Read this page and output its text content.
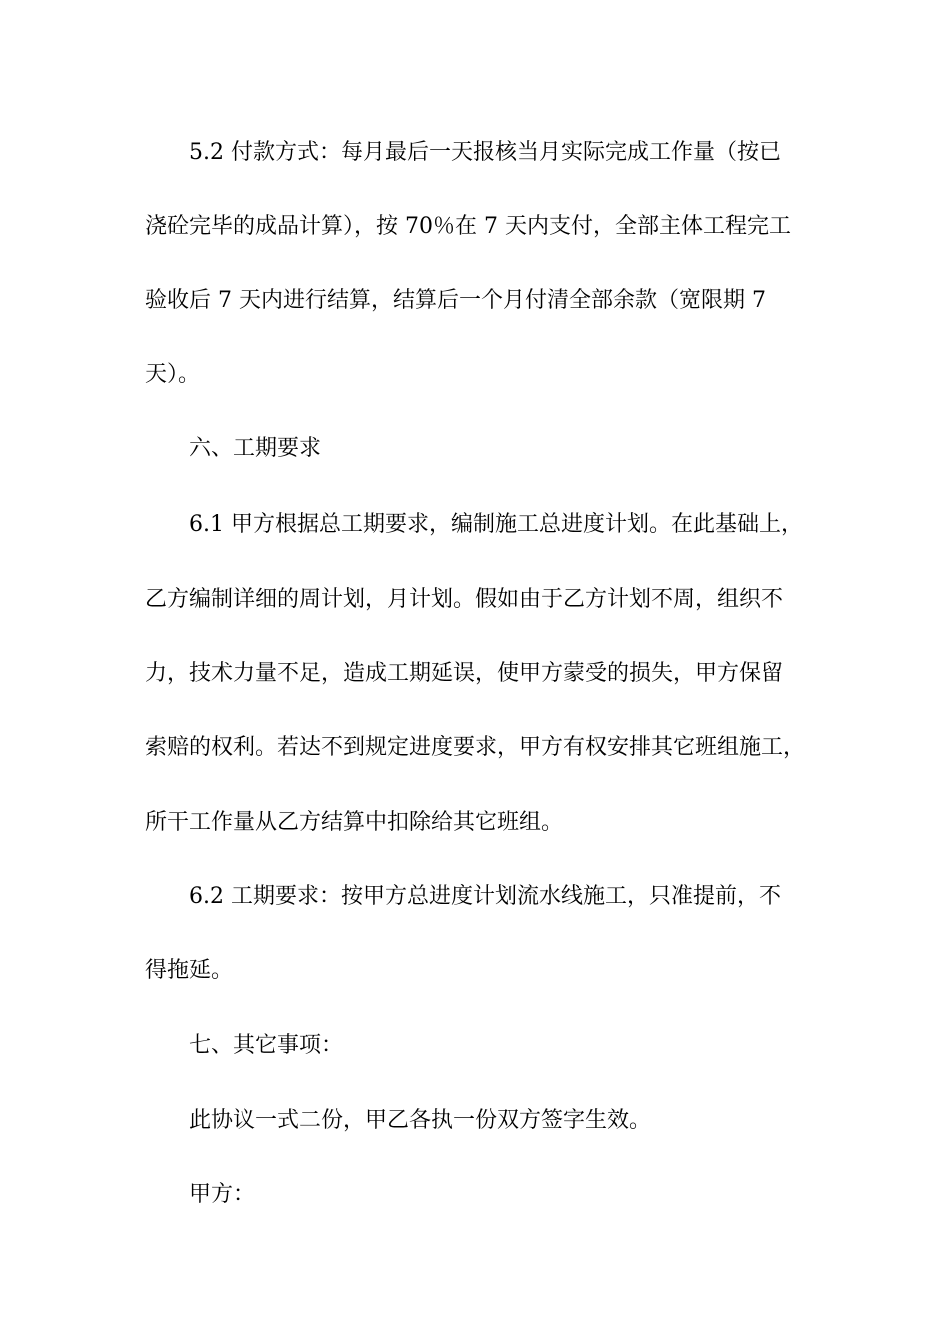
5.2 付款方式：每月最后一天报核当月实际完成工作量（按已
浇砼完毕的成品计算），按 70％在 7 天内支付，全部主体工程完工
验收后 7 天内进行结算，结算后一个月付清全部余款（宽限期 7
天）。
六、工期要求
6.1 甲方根据总工期要求，编制施工总进度计划。在此基础上，
乙方编制详细的周计划，月计划。假如由于乙方计划不周，组织不
力，技术力量不足，造成工期延误，使甲方蒙受的损失，甲方保留
索赔的权利。若达不到规定进度要求，甲方有权安排其它班组施工，
所干工作量从乙方结算中扣除给其它班组。
6.2 工期要求：按甲方总进度计划流水线施工，只准提前，不
得拖延。
七、其它事项：
此协议一式二份，甲乙各执一份双方签字生效。
甲方：
